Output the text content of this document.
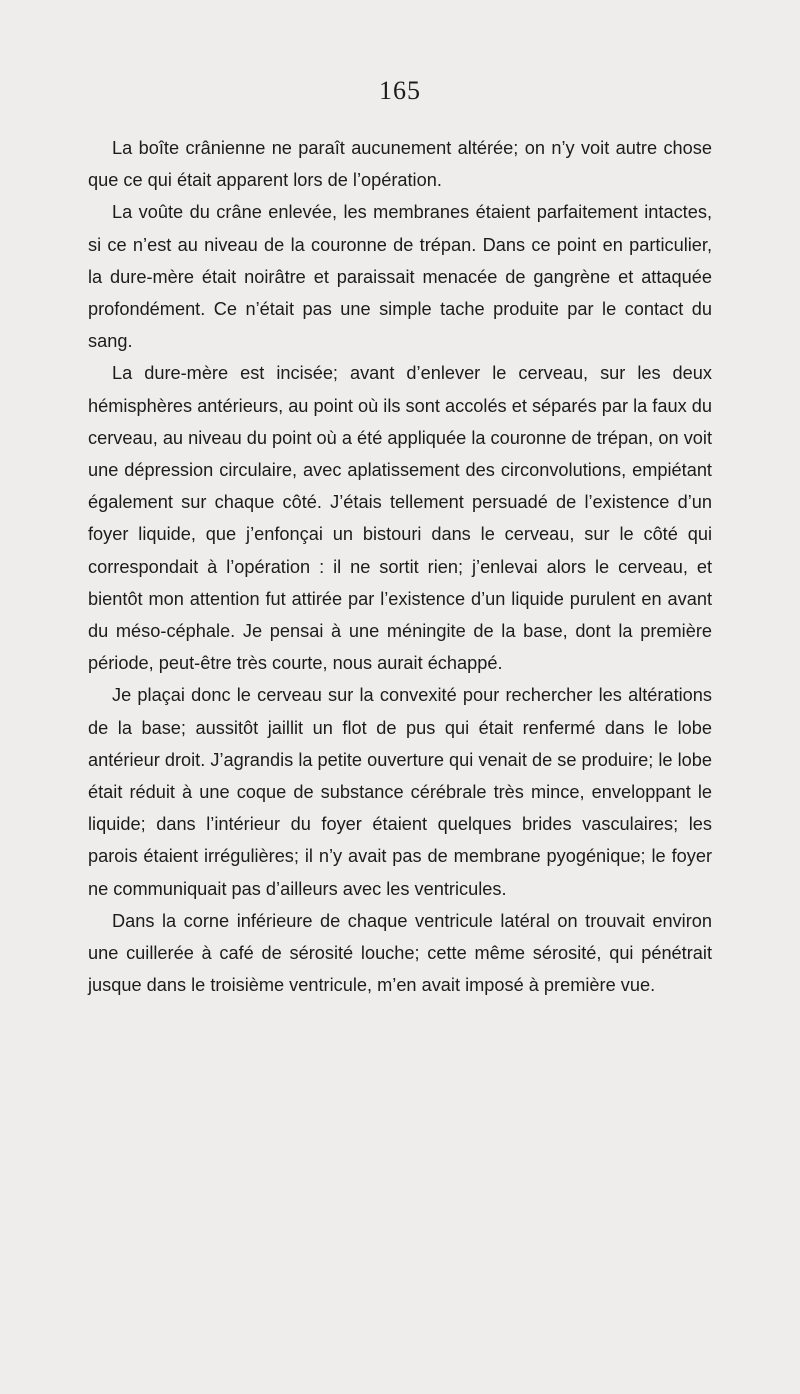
165

La boîte crânienne ne paraît aucunement altérée; on n’y voit autre chose que ce qui était apparent lors de l’opération.

La voûte du crâne enlevée, les membranes étaient parfaitement intactes, si ce n’est au niveau de la couronne de trépan. Dans ce point en particulier, la dure-mère était noirâtre et paraissait menacée de gangrène et attaquée profondément. Ce n’était pas une simple tache produite par le contact du sang.

La dure-mère est incisée; avant d’enlever le cerveau, sur les deux hémisphères antérieurs, au point où ils sont accolés et séparés par la faux du cerveau, au niveau du point où a été appliquée la couronne de trépan, on voit une dépression circulaire, avec aplatissement des circonvolutions, empiétant également sur chaque côté. J’étais tellement persuadé de l’existence d’un foyer liquide, que j’enfonçai un bistouri dans le cerveau, sur le côté qui correspondait à l’opération : il ne sortit rien; j’enlevai alors le cerveau, et bientôt mon attention fut attirée par l’existence d’un liquide purulent en avant du méso-céphale. Je pensai à une méningite de la base, dont la première période, peut-être très courte, nous aurait échappé.

Je plaçai donc le cerveau sur la convexité pour rechercher les altérations de la base; aussitôt jaillit un flot de pus qui était renfermé dans le lobe antérieur droit. J’agrandis la petite ouverture qui venait de se produire; le lobe était réduit à une coque de substance cérébrale très mince, enveloppant le liquide; dans l’intérieur du foyer étaient quelques brides vasculaires; les parois étaient irrégulières; il n’y avait pas de membrane pyogénique; le foyer ne communiquait pas d’ailleurs avec les ventricules.

Dans la corne inférieure de chaque ventricule latéral on trouvait environ une cuillerée à café de sérosité louche; cette même sérosité, qui pénétrait jusque dans le troisième ventricule, m’en avait imposé à première vue.
